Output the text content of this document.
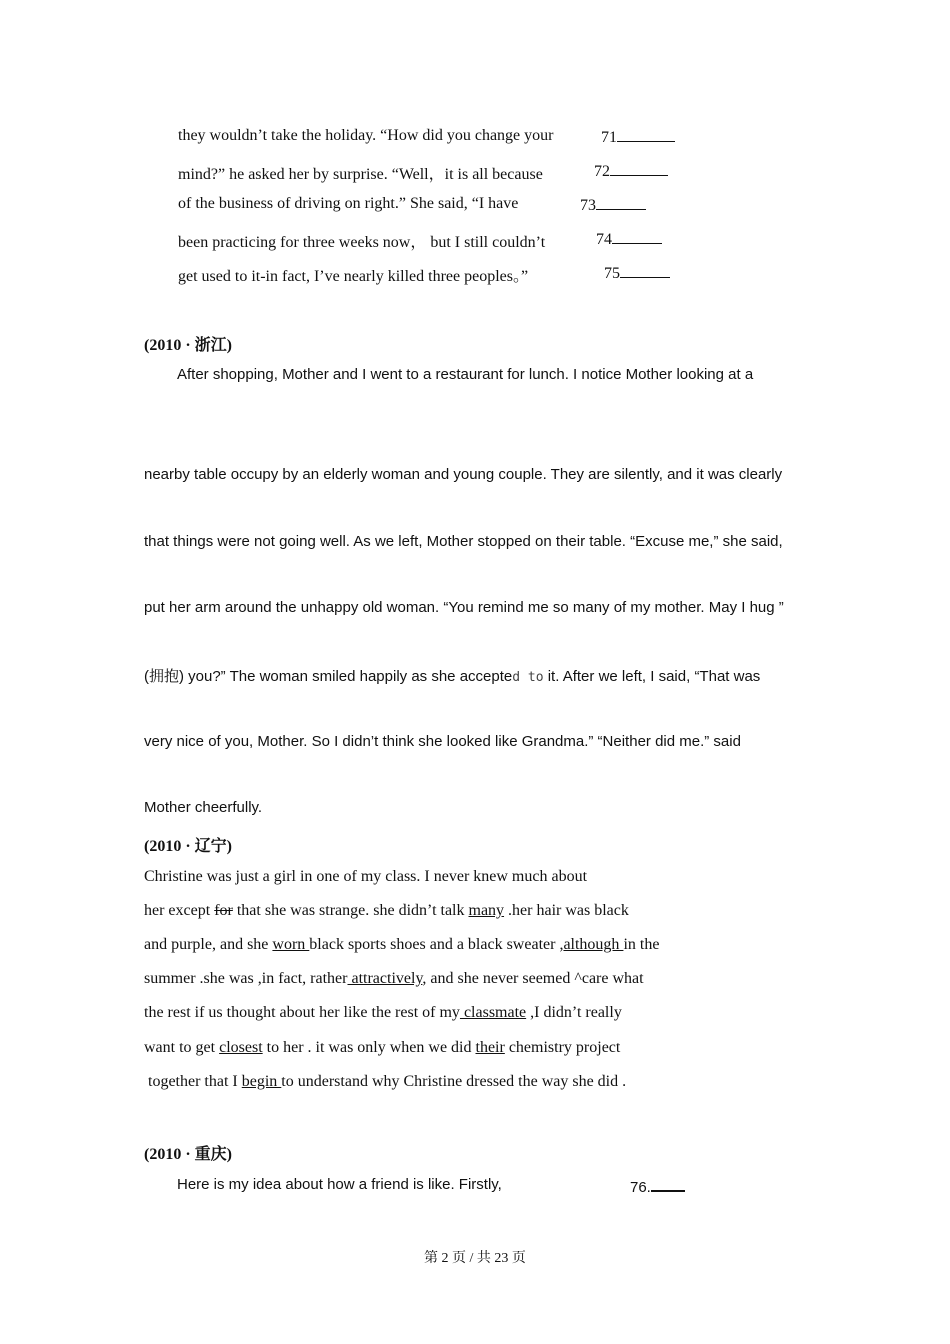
they wouldn’t take the holiday. “How did you change your	71
mind?” he asked her by surprise. “Well，it is all because	72
of the business of driving on right.” She said, “I have	73
been practicing for three weeks now， but I still couldn’t	74
get used to it-in fact, I’ve nearly killed three peoples。”	75
(2010 · 浙江)
After shopping, Mother and I went to a restaurant for lunch. I notice Mother looking at a
nearby table occupy by an elderly woman and young couple. They are silently, and it was clearly
that things were not going well. As we left, Mother stopped on their table. “Excuse me,” she said,
put her arm around the unhappy old woman. “You remind me so many of my mother. May I hug ”
(拥抱) you?” The woman smiled happily as she accepted to it. After we left, I said, “That was
very nice of you, Mother. So I didn’t think she looked like Grandma.” “Neither did me.” said
Mother cheerfully.
(2010 · 辽宁)
Christine was just a girl in one of my class. I never knew much about
her except for that she was strange. she didn’t talk many .her hair was black
and purple, and she worn black sports shoes and a black sweater ,although in the
summer .she was ,in fact, rather attractively, and she never seemed ^care what
the rest if us thought about her like the rest of my classmate ,I didn’t really
want to get closest to her . it was only when we did their chemistry project
together that I begin to understand why Christine dressed the way she did .
(2010 · 重庆)
Here is my idea about how a friend is like. Firstly,	76.
第 2 页 / 共 23 页
